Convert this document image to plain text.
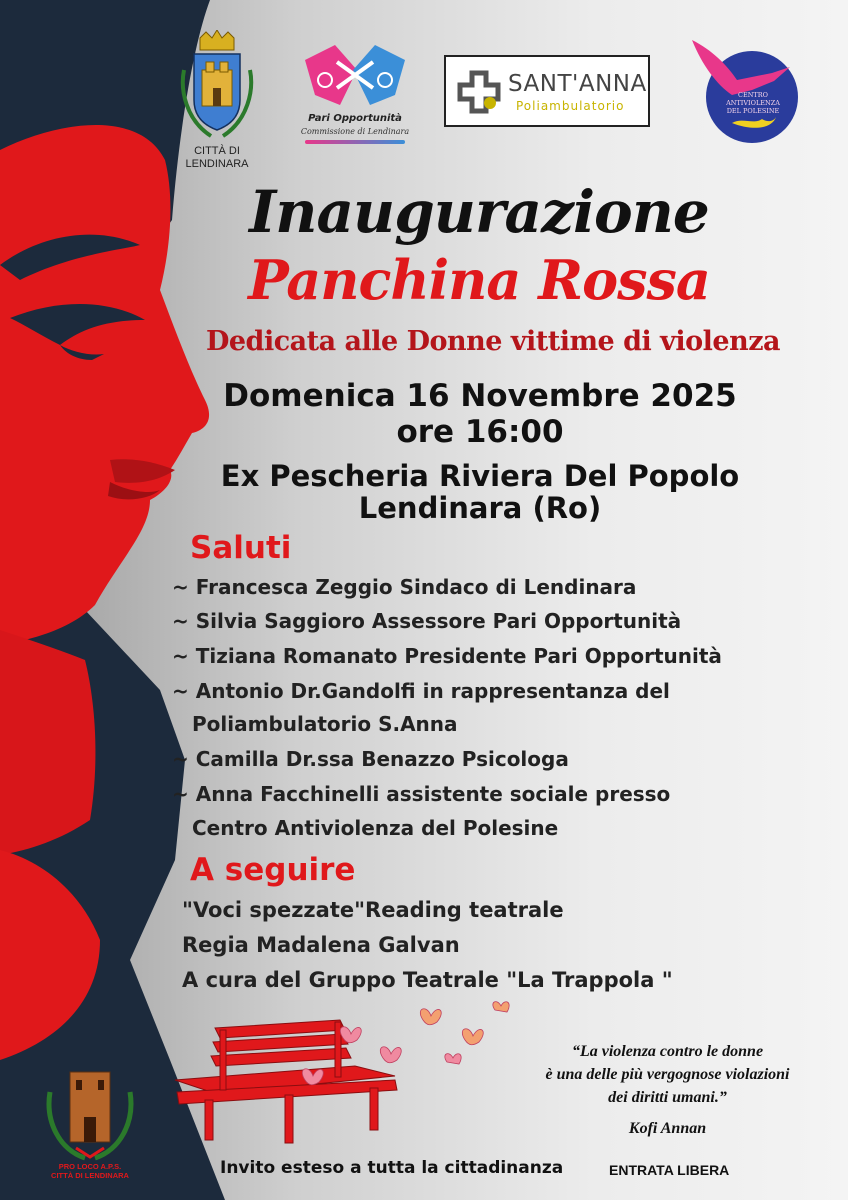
CITTÀ DI
LENDINARA
Pari Opportunità
Commissione di Lendinara
SANT'ANNA
Poliambulatorio
CENTRO ANTIVIOLENZA DEL POLESINE
Inaugurazione
Panchina Rossa
Dedicata alle Donne vittime di violenza
Domenica 16 Novembre 2025
ore 16:00
Ex Pescheria Riviera Del Popolo
Lendinara (Ro)
Saluti
~ Francesca Zeggio Sindaco di Lendinara
~ Silvia Saggioro Assessore Pari Opportunità
~ Tiziana Romanato Presidente Pari Opportunità
~ Antonio Dr.Gandolfi in rappresentanza del
Poliambulatorio S.Anna
~ Camilla Dr.ssa Benazzo Psicologa
~ Anna Facchinelli assistente sociale presso
Centro Antiviolenza del Polesine
A seguire
"Voci spezzate"Reading teatrale
Regia Madalena Galvan
A cura del Gruppo Teatrale "La Trappola "
“La violenza contro le donne
è una delle più vergognose violazioni
dei diritti umani.”
Kofi Annan
PRO LOCO A.P.S.
CITTÀ DI LENDINARA	Invito esteso a tutta la cittadinanza	ENTRATA LIBERA
